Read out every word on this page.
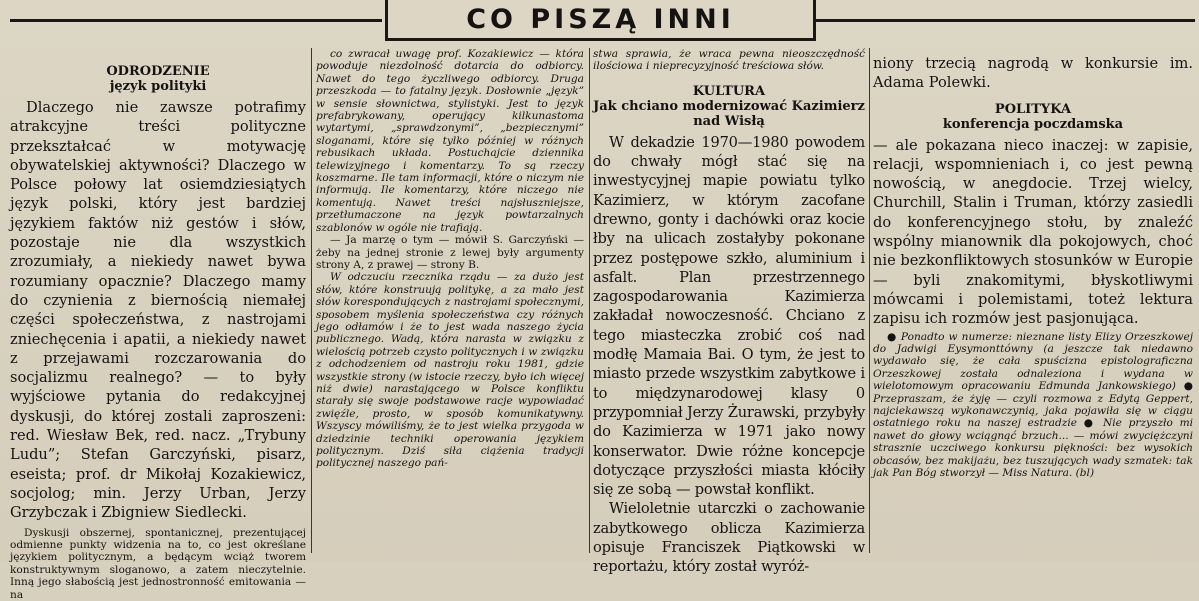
CO PISZĄ INNI

ODRODZENIE

język polityki

Dlaczego nie zawsze potrafimy atrakcyjne treści polityczne przekształcać w motywację obywatelskiej aktywności? Dlaczego w Polsce połowy lat osiemdziesiątych język polski, który jest bardziej językiem faktów niż gestów i słów, pozostaje nie dla wszystkich zrozumiały, a niekiedy nawet bywa rozumiany opacznie? Dlaczego mamy do czynienia z biernością niemałej części społeczeństwa, z nastrojami zniechęcenia i apatii, a niekiedy nawet z przejawami rozczarowania do socjalizmu realnego? — to były wyjściowe pytania do redakcyjnej dyskusji, do której zostali zaproszeni: red. Wiesław Bek, red. nacz. „Trybuny Ludu”; Stefan Garczyński, pisarz, eseista; prof. dr Mikołaj Kozakiewicz, socjolog; min. Jerzy Urban, Jerzy Grzybczak i Zbigniew Siedlecki.

Dyskusji obszernej, spontanicznej, prezentującej odmienne punkty widzenia na to, co jest określane językiem politycznym, a będącym wciąż tworem konstruktywnym sloganowo, a zatem nieczytelnie. Inną jego słabością jest jednostronność emitowania — na

co zwracał uwagę prof. Kozakiewicz — która powoduje niezdolność dotarcia do odbiorcy. Nawet do tego życzliwego odbiorcy. Druga przeszkoda — to fatalny język. Dosłownie „język” w sensie słownictwa, stylistyki. Jest to język prefabrykowany, operujący kilkunastoma wytartymi, „sprawdzonymi”, „bezpiecznymi” sloganami, które się tylko później w różnych rebusikach układa. Postuchajcie dziennika telewizyjnego i komentarzy. To są rzeczy koszmarne. Ile tam informacji, które o niczym nie informują. Ile komentarzy, które niczego nie komentują. Nawet treści najsłuszniejsze, przetłumaczone na język powtarzalnych szablonów w ogóle nie trafiają.

— Ja marzę o tym — mówił S. Garczyński — żeby na jednej stronie z lewej były argumenty strony A, z prawej — strony B.

W odczuciu rzecznika rządu — za dużo jest słów, które konstruują politykę, a za mało jest słów korespondujących z nastrojami społecznymi, sposobem myślenia społeczeństwa czy różnych jego odłamów i że to jest wada naszego życia publicznego. Wadą, która narasta w związku z wielością potrzeb czysto politycznych i w związku z odchodzeniem od nastroju roku 1981, gdzie wszystkie strony (w istocie rzeczy, było ich więcej niż dwie) narastającego w Polsce konfliktu starały się swoje podstawowe racje wypowiadać zwięźle, prosto, w sposób komunikatywny. Wszyscy mówiliśmy, że to jest wielka przygoda w dziedzinie techniki operowania językiem politycznym. Dziś siła ciążenia tradycji politycznej naszego pań-

stwa sprawia, że wraca pewna nieoszczędność ilościowa i nieprecyzyjność treściowa słów.

KULTURA

Jak chciano modernizować Kazimierz nad Wisłą

W dekadzie 1970—1980 powodem do chwały mógł stać się na inwestycyjnej mapie powiatu tylko Kazimierz, w którym zacofane drewno, gonty i dachówki oraz kocie łby na ulicach zostałyby pokonane przez postępowe szkło, aluminium i asfalt. Plan przestrzennego zagospodarowania Kazimierza zakładał nowoczesność. Chciano z tego miasteczka zrobić coś nad modłę Mamaia Bai. O tym, że jest to miasto przede wszystkim zabytkowe i to międzynarodowej klasy 0 przypomniał Jerzy Żurawski, przybyły do Kazimierza w 1971 jako nowy konserwator. Dwie różne koncepcje dotyczące przyszłości miasta kłóciły się ze sobą — powstał konflikt.

Wieloletnie utarczki o zachowanie zabytkowego oblicza Kazimierza opisuje Franciszek Piątkowski w reportażu, który został wyróż-

niony trzecią nagrodą w konkursie im. Adama Polewki.

POLITYKA

konferencja poczdamska

— ale pokazana nieco inaczej: w zapisie, relacji, wspomnieniach i, co jest pewną nowością, w anegdocie. Trzej wielcy, Churchill, Stalin i Truman, którzy zasiedli do konferencyjnego stołu, by znaleźć wspólny mianownik dla pokojowych, choć nie bezkonfliktowych stosunków w Europie — byli znakomitymi, błyskotliwymi mówcami i polemistami, toteż lektura zapisu ich rozmów jest pasjonująca.

● Ponadto w numerze: nieznane listy Elizy Orzeszkowej do Jadwigi Eysymonttówny (a jeszcze tak niedawno wydawało się, że cała spuścizna epistolograficzna Orzeszkowej została odnaleziona i wydana w wielotomowym opracowaniu Edmunda Jankowskiego) ● Przepraszam, że żyję — czyli rozmowa z Edytą Geppert, najciekawszą wykonawczynią, jaka pojawiła się w ciągu ostatniego roku na naszej estradzie ● Nie przyszło mi nawet do głowy wciągnąć brzuch... — mówi zwyciężczyni strasznie uczciwego konkursu piękności: bez wysokich obcasów, bez makijażu, bez tuszujących wady szmatek: tak jak Pan Bóg stworzył — Miss Natura. (bl)
